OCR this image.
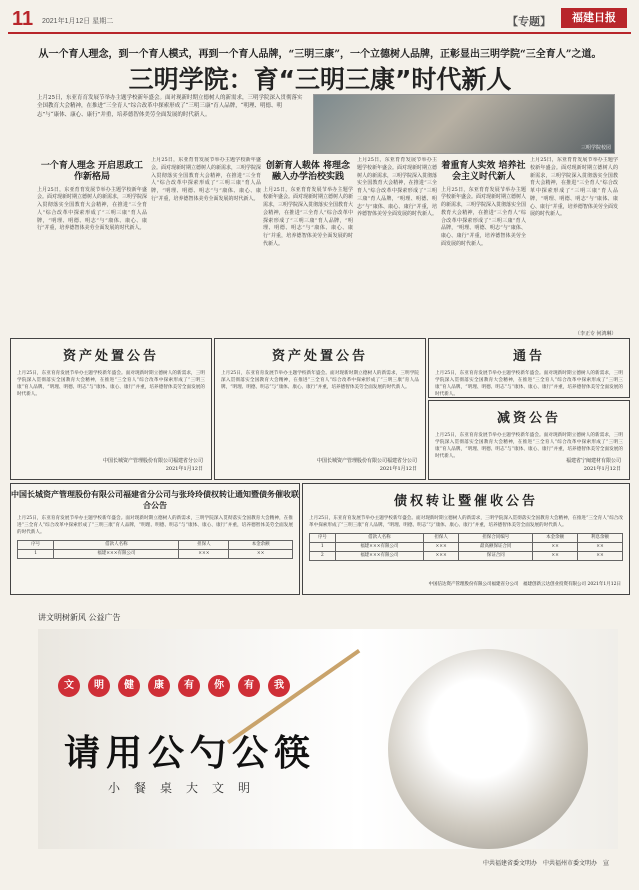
11 2021年1月12日 星期二	【专题】	福建日报
从一个育人理念，到一个育人模式，再到一个育人品牌，“三明三康”，一个立德树人品牌，正彰显出三明学院“三全育人”之道。
三明学院：育“三明三康”时代新人
上月25日，东亚育育发展节举办主题学校新年盛会。面对现新时期立德树人的新需求，三明学院深入贯彻落实全国教育大会精神，在推进“三全育人”综合改革中探索形成了“三明三康”育人品牌，“明理、明德、明志”与“康体、康心、康行”并重，培养德智体美劳全面发展的时代新人。
三明学院校园
一个育人理念 开启思政工作新格局
上月25日，东亚育育发展节举办主题学校新年盛会。面对现新时期立德树人的新需求，三明学院深入贯彻落实全国教育大会精神，在推进“三全育人”综合改革中探索形成了“三明三康”育人品牌，“明理、明德、明志”与“康体、康心、康行”并重，培养德智体美劳全面发展的时代新人。
上月25日，东亚育育发展节举办主题学校新年盛会。面对现新时期立德树人的新需求，三明学院深入贯彻落实全国教育大会精神，在推进“三全育人”综合改革中探索形成了“三明三康”育人品牌，“明理、明德、明志”与“康体、康心、康行”并重，培养德智体美劳全面发展的时代新人。
创新育人载体 将理念融入办学治校实践
上月25日，东亚育育发展节举办主题学校新年盛会。面对现新时期立德树人的新需求，三明学院深入贯彻落实全国教育大会精神，在推进“三全育人”综合改革中探索形成了“三明三康”育人品牌，“明理、明德、明志”与“康体、康心、康行”并重，培养德智体美劳全面发展的时代新人。
上月25日，东亚育育发展节举办主题学校新年盛会。面对现新时期立德树人的新需求，三明学院深入贯彻落实全国教育大会精神，在推进“三全育人”综合改革中探索形成了“三明三康”育人品牌，“明理、明德、明志”与“康体、康心、康行”并重，培养德智体美劳全面发展的时代新人。
着重育人实效 培养社会主义时代新人
上月25日，东亚育育发展节举办主题学校新年盛会。面对现新时期立德树人的新需求，三明学院深入贯彻落实全国教育大会精神，在推进“三全育人”综合改革中探索形成了“三明三康”育人品牌，“明理、明德、明志”与“康体、康心、康行”并重，培养德智体美劳全面发展的时代新人。
上月25日，东亚育育发展节举办主题学校新年盛会。面对现新时期立德树人的新需求，三明学院深入贯彻落实全国教育大会精神，在推进“三全育人”综合改革中探索形成了“三明三康”育人品牌，“明理、明德、明志”与“康体、康心、康行”并重，培养德智体美劳全面发展的时代新人。
（李正专 何鸿琳）
资产处置公告

上月25日，东亚育育发展节举办主题学校新年盛会。面对现新时期立德树人的新需求，三明学院深入贯彻落实全国教育大会精神，在推进“三全育人”综合改革中探索形成了“三明三康”育人品牌，“明理、明德、明志”与“康体、康心、康行”并重，培养德智体美劳全面发展的时代新人。

中国长城资产管理股份有限公司福建省分公司
2021年1月12日
资产处置公告

上月25日，东亚育育发展节举办主题学校新年盛会。面对现新时期立德树人的新需求，三明学院深入贯彻落实全国教育大会精神，在推进“三全育人”综合改革中探索形成了“三明三康”育人品牌，“明理、明德、明志”与“康体、康心、康行”并重，培养德智体美劳全面发展的时代新人。

中国长城资产管理股份有限公司福建省分公司
2021年1月12日
通告

上月25日，东亚育育发展节举办主题学校新年盛会。面对现新时期立德树人的新需求，三明学院深入贯彻落实全国教育大会精神，在推进“三全育人”综合改革中探索形成了“三明三康”育人品牌，“明理、明德、明志”与“康体、康心、康行”并重，培养德智体美劳全面发展的时代新人。

减资公告

上月25日，东亚育育发展节举办主题学校新年盛会。面对现新时期立德树人的新需求，三明学院深入贯彻落实全国教育大会精神，在推进“三全育人”综合改革中探索形成了“三明三康”育人品牌，“明理、明德、明志”与“康体、康心、康行”并重，培养德智体美劳全面发展的时代新人。

福建省宁闽建材有限公司
2021年1月12日
中国长城资产管理股份有限公司福建省分公司与张玲玲债权转让通知暨债务催收联合公告

上月25日，东亚育育发展节举办主题学校新年盛会。面对现新时期立德树人的新需求，三明学院深入贯彻落实全国教育大会精神，在推进“三全育人”综合改革中探索形成了“三明三康”育人品牌，“明理、明德、明志”与“康体、康心、康行”并重，培养德智体美劳全面发展的时代新人。

序号	借款人名称	担保人	本金余额
1	福建×××有限公司	×××	××
债权转让暨催收公告

上月25日，东亚育育发展节举办主题学校新年盛会。面对现新时期立德树人的新需求，三明学院深入贯彻落实全国教育大会精神，在推进“三全育人”综合改革中探索形成了“三明三康”育人品牌，“明理、明德、明志”与“康体、康心、康行”并重，培养德智体美劳全面发展的时代新人。

序号	借款人名称	担保人	担保合同编号	本金余额	利息余额
1	福建×××有限公司	×××	最高额保证合同	××	××
2	福建×××有限公司	×××	保证合同	××	××
中国信达资产管理股份有限公司福建省分公司　福建创新云达创业投资有限公司 2021年1月12日
讲文明树新风 公益广告
文	明	健	康	有	你	有	我
请用公勺公筷
小餐桌大文明
中共福建省委文明办　中共福州市委文明办　宣
